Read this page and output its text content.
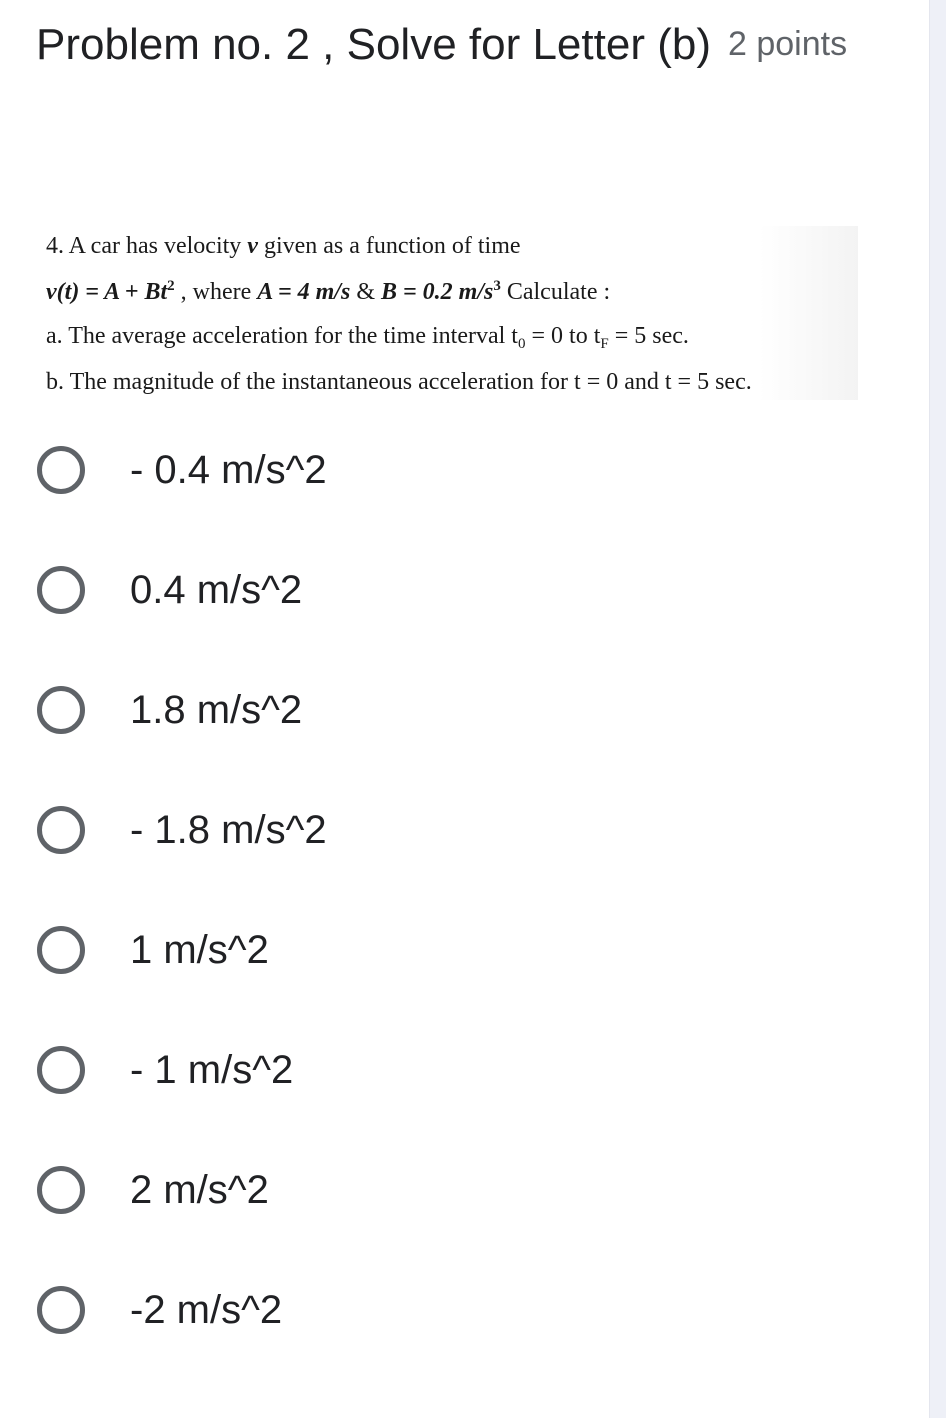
Problem no. 2 , Solve for Letter (b) 2 points
4. A car has velocity v given as a function of time
$v(t) = A + Bt^2$ , where A = 4 m/s & B = 0.2 $m/s^3$ Calculate :
a. The average acceleration for the time interval $t_0 = 0$ to $t_F = 5$ sec.
b. The magnitude of the instantaneous acceleration for t = 0 and t = 5 sec.
- 0.4 m/s^2
0.4 m/s^2
1.8 m/s^2
- 1.8 m/s^2
1 m/s^2
- 1 m/s^2
2 m/s^2
-2 m/s^2
